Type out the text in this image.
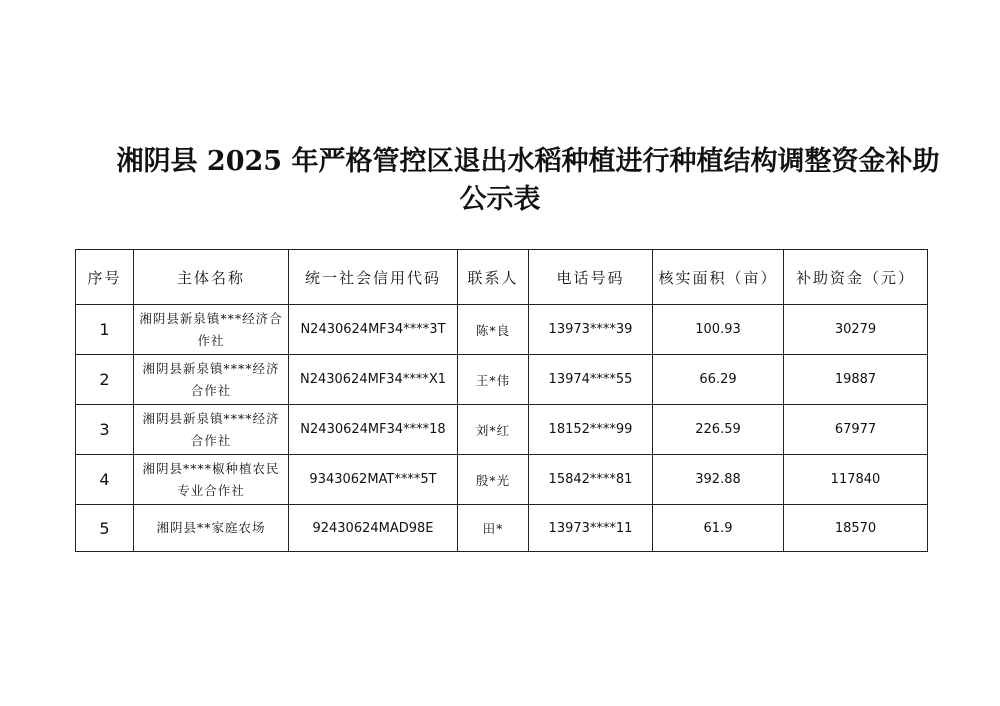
湘阴县 2025 年严格管控区退出水稻种植进行种植结构调整资金补助
公示表
序号	主体名称	统一社会信用代码	联系人	电话号码	核实面积（亩）	补助资金（元）
1	湘阴县新泉镇***经济合作社	N2430624MF34****3T	陈*良	13973****39	100.93	30279
2	湘阴县新泉镇****经济合作社	N2430624MF34****X1	王*伟	13974****55	66.29	19887
3	湘阴县新泉镇****经济合作社	N2430624MF34****18	刘*红	18152****99	226.59	67977
4	湘阴县****椒种植农民专业合作社	9343062MAT****5T	殷*光	15842****81	392.88	117840
5	湘阴县**家庭农场	92430624MAD98E	田*	13973****11	61.9	18570
